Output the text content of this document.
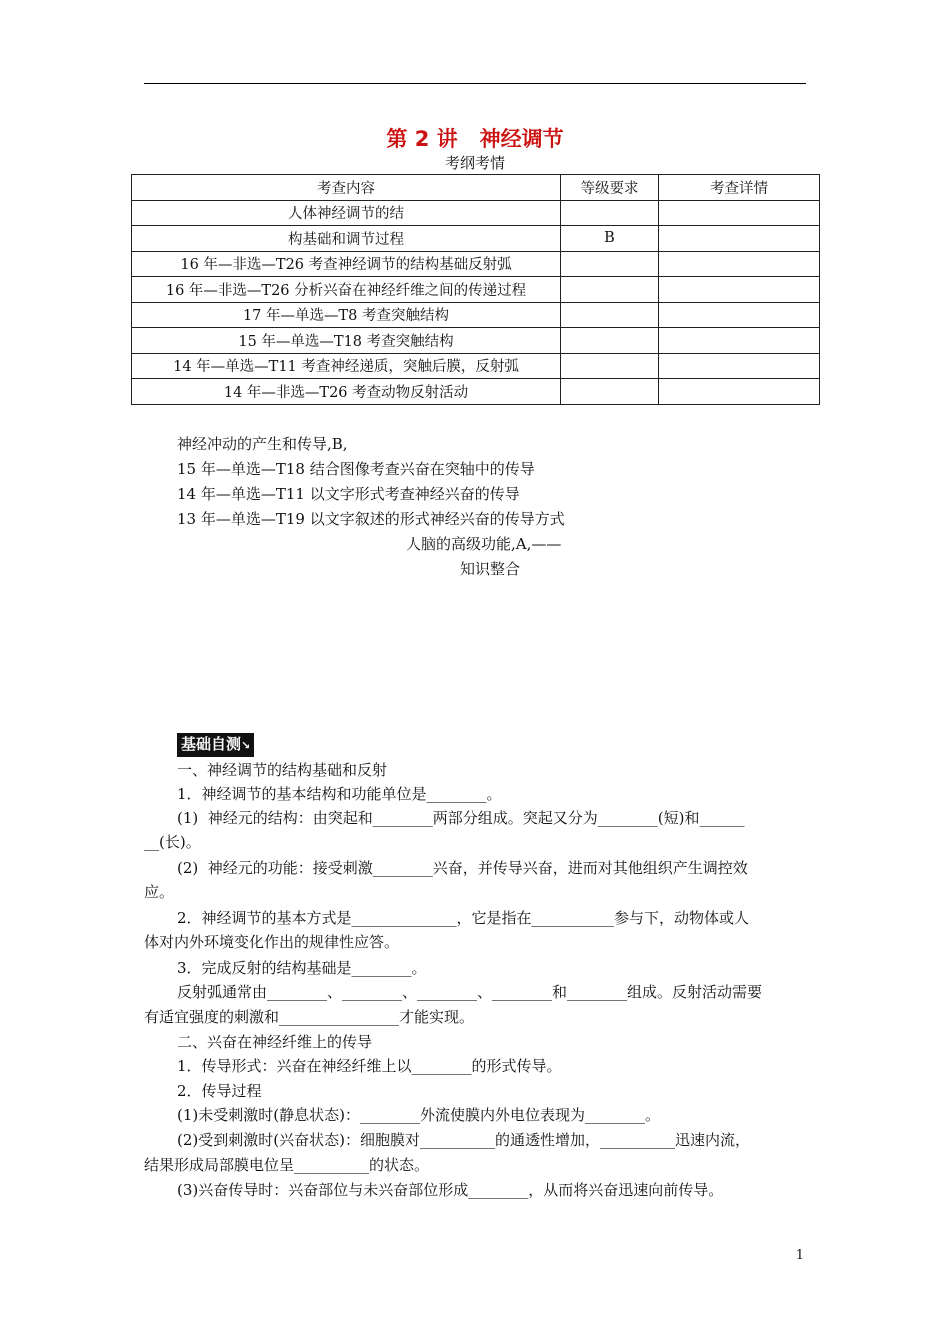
第 2 讲   神经调节
考纲考情
考查内容	等级要求	考查详情
人体神经调节的结		
构基础和调节过程	B	
16 年—非选—T26 考查神经调节的结构基础反射弧		
16 年—非选—T26 分析兴奋在神经纤维之间的传递过程		
17 年—单选—T8 考查突触结构		
15 年—单选—T18 考查突触结构		
14 年—单选—T11 考查神经递质，突触后膜，反射弧		
14 年—非选—T26 考查动物反射活动		
神经冲动的产生和传导,B,
15 年—单选—T18 结合图像考查兴奋在突轴中的传导
14 年—单选—T11 以文字形式考查神经兴奋的传导
13 年—单选—T19 以文字叙述的形式神经兴奋的传导方式
人脑的高级功能,A,——
知识整合
基础自测↘
一、神经调节的结构基础和反射
1．神经调节的基本结构和功能单位是________。
(1)  神经元的结构：由突起和________两部分组成。突起又分为________(短)和______
__(长)。
(2)  神经元的功能：接受刺激________兴奋，并传导兴奋，进而对其他组织产生调控效
应。
2．神经调节的基本方式是______________，它是指在___________参与下，动物体或人
体对内外环境变化作出的规律性应答。
3．完成反射的结构基础是________。
反射弧通常由________、________、________、________和________组成。反射活动需要
有适宜强度的刺激和________________才能实现。
二、兴奋在神经纤维上的传导
1．传导形式：兴奋在神经纤维上以________的形式传导。
2．传导过程
(1)未受刺激时(静息状态)：________外流使膜内外电位表现为________。
(2)受到刺激时(兴奋状态)：细胞膜对__________的通透性增加，__________迅速内流，
结果形成局部膜电位呈__________的状态。
(3)兴奋传导时：兴奋部位与未兴奋部位形成________，从而将兴奋迅速向前传导。
1
